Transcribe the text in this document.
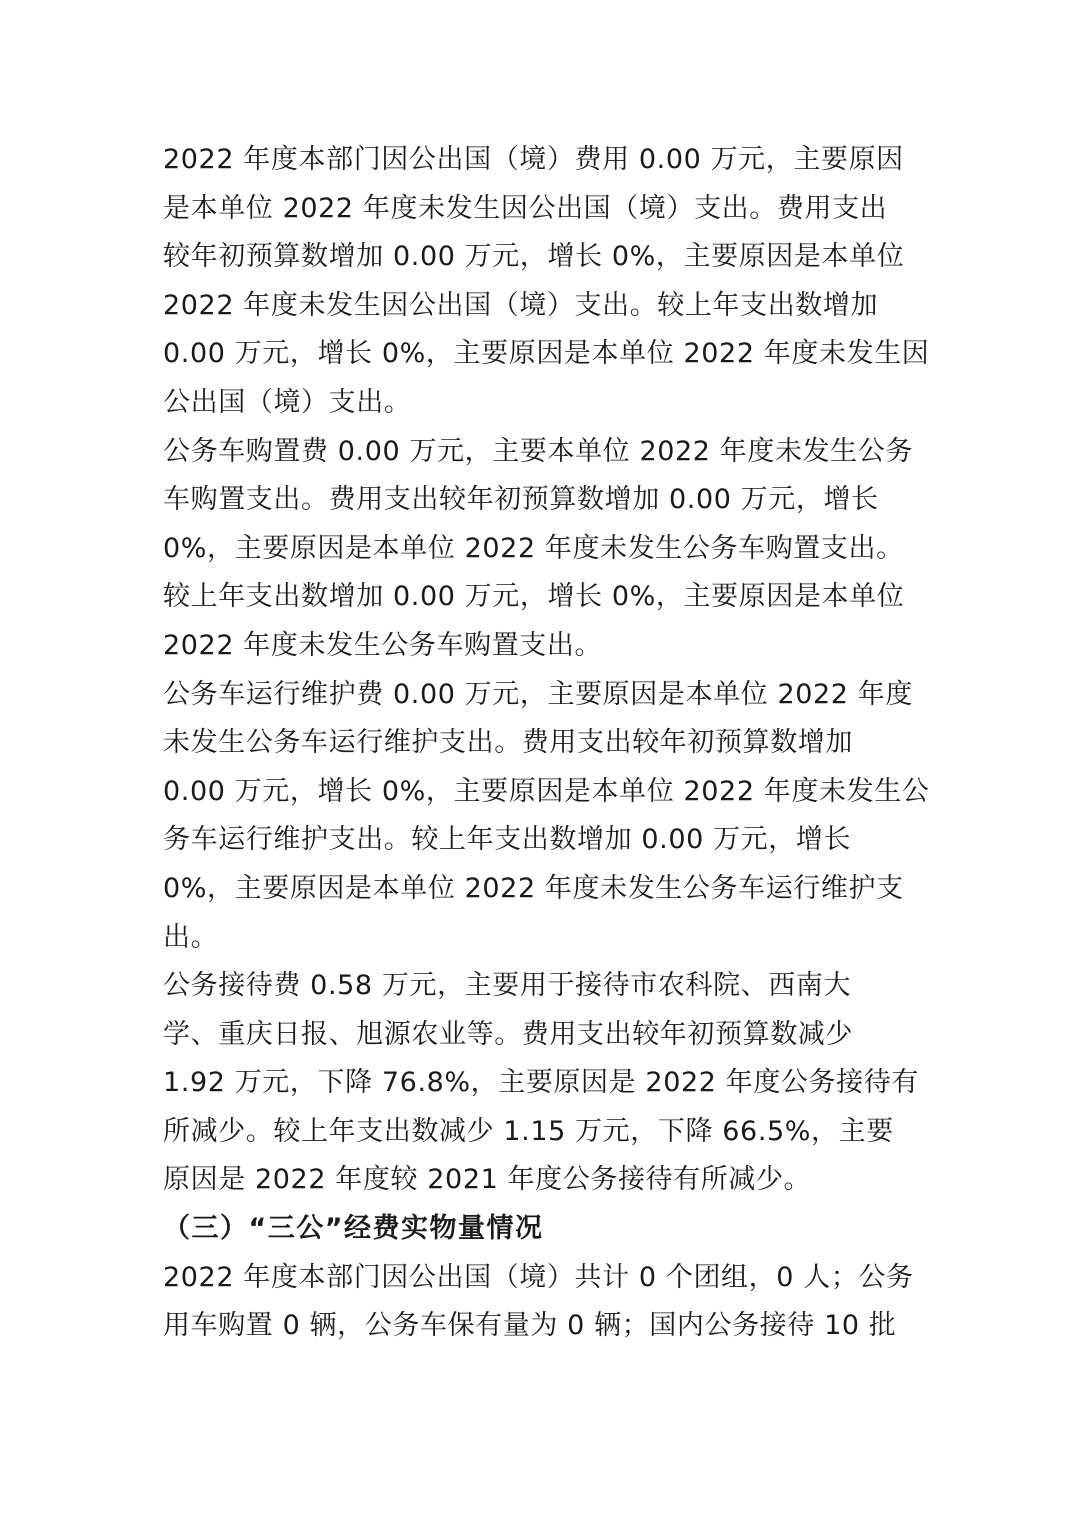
2022 年度本部门因公出国（境）费用 0.00 万元，主要原因
是本单位 2022 年度未发生因公出国（境）支出。费用支出
较年初预算数增加 0.00 万元，增长 0%，主要原因是本单位
2022 年度未发生因公出国（境）支出。较上年支出数增加
0.00 万元，增长 0%，主要原因是本单位 2022 年度未发生因
公出国（境）支出。
公务车购置费 0.00 万元，主要本单位 2022 年度未发生公务
车购置支出。费用支出较年初预算数增加 0.00 万元，增长
0%，主要原因是本单位 2022 年度未发生公务车购置支出。
较上年支出数增加 0.00 万元，增长 0%，主要原因是本单位
2022 年度未发生公务车购置支出。
公务车运行维护费 0.00 万元，主要原因是本单位 2022 年度
未发生公务车运行维护支出。费用支出较年初预算数增加
0.00 万元，增长 0%，主要原因是本单位 2022 年度未发生公
务车运行维护支出。较上年支出数增加 0.00 万元，增长
0%，主要原因是本单位 2022 年度未发生公务车运行维护支
出。
公务接待费 0.58 万元，主要用于接待市农科院、西南大
学、重庆日报、旭源农业等。费用支出较年初预算数减少
1.92 万元，下降 76.8%，主要原因是 2022 年度公务接待有
所减少。较上年支出数减少 1.15 万元，下降 66.5%，主要
原因是 2022 年度较 2021 年度公务接待有所减少。
（三）“三公”经费实物量情况
2022 年度本部门因公出国（境）共计 0 个团组，0 人；公务
用车购置 0 辆，公务车保有量为 0 辆；国内公务接待 10 批
